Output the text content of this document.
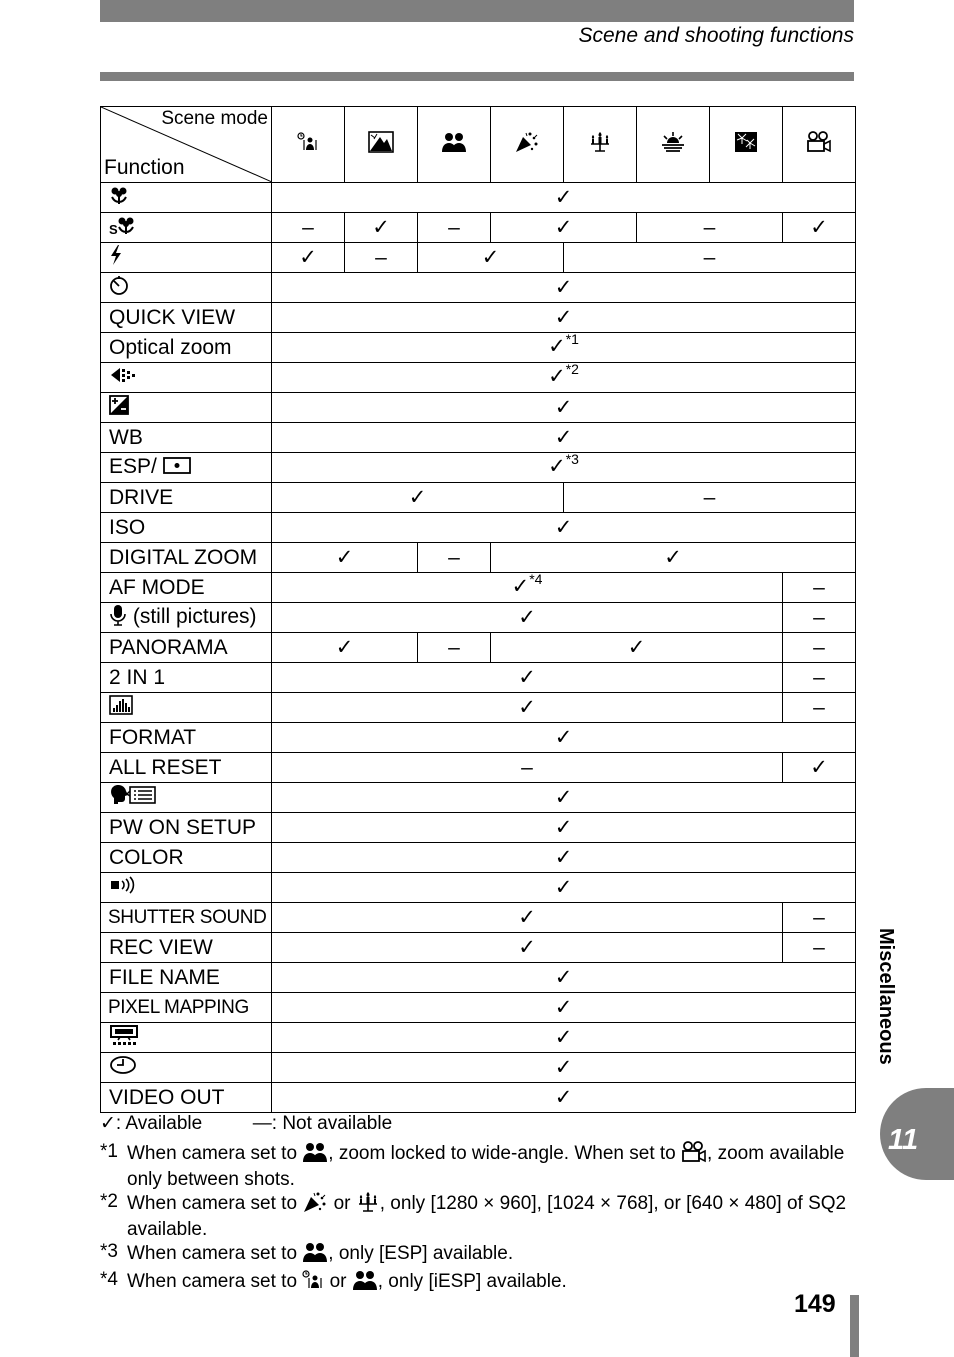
Scene and shooting functions
Scene mode
Function

	✓							

S	–	✓	–	✓		–		✓
	✓	–	✓		–			
	✓							
QUICK VIEW	✓							
Optical zoom	✓$^{*1}$
	✓$^{*2}$
	✓							
WB	✓							
ESP/	✓$^{*3}$
DRIVE	✓				–			
ISO	✓							
DIGITAL ZOOM	✓		–	✓				
AF MODE	✓$^{*4}$							–
(still pictures)	✓							–
PANORAMA	✓		–	✓				–
2 IN 1	✓							–
	✓							–
FORMAT	✓							
ALL RESET	–							✓
	✓							
PW ON SETUP	✓							
COLOR	✓							
	✓							
SHUTTER SOUND	✓							–
REC VIEW	✓							–
FILE NAME	✓							
PIXEL MAPPING	✓							
	✓							
	✓							
VIDEO OUT	✓							
✓: Available	—: Not available
*1 When camera set to , zoom locked to wide-angle. When set to , zoom available only between shots.
*2 When camera set to  or , only [1280 × 960], [1024 × 768], or [640 × 480] of SQ2 available.
*3 When camera set to , only [ESP] available.
*4 When camera set to  or , only [iESP] available.
Miscellaneous
11
149
